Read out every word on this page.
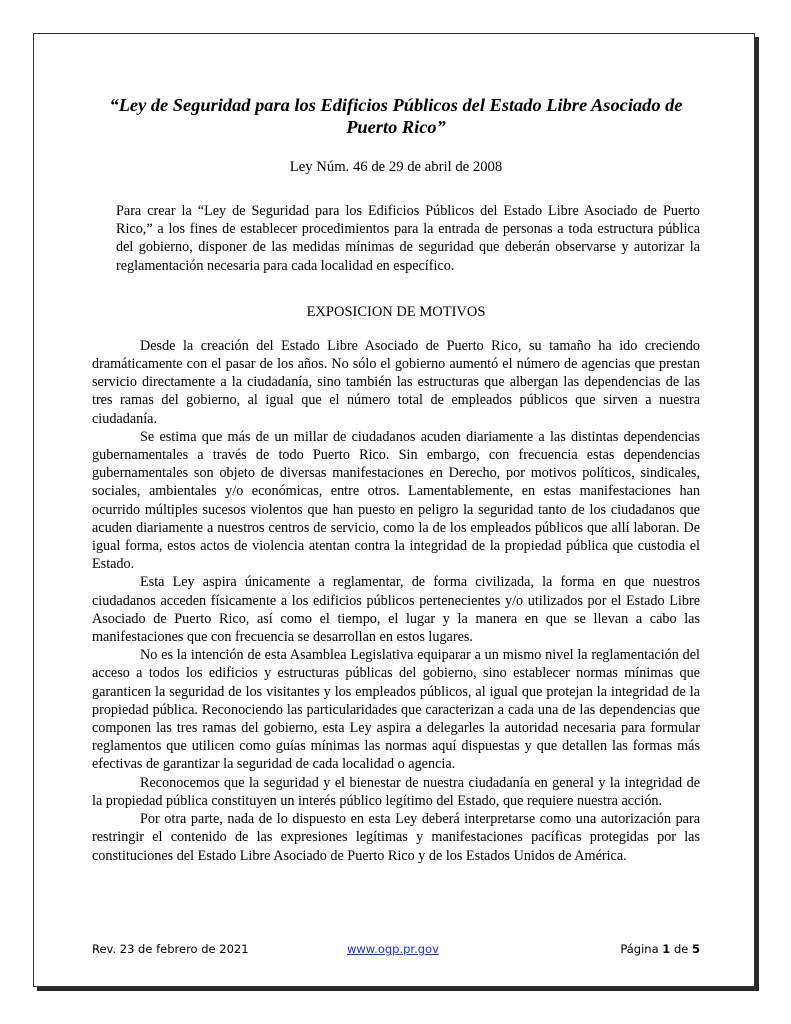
“Ley de Seguridad para los Edificios Públicos del Estado Libre Asociado de Puerto Rico”
Ley Núm. 46 de 29 de abril de 2008
Para crear la “Ley de Seguridad para los Edificios Públicos del Estado Libre Asociado de Puerto Rico,” a los fines de establecer procedimientos para la entrada de personas a toda estructura pública del gobierno, disponer de las medidas mínimas de seguridad que deberán observarse y autorizar la reglamentación necesaria para cada localidad en específico.
EXPOSICION DE MOTIVOS

Desde la creación del Estado Libre Asociado de Puerto Rico, su tamaño ha ido creciendo dramáticamente con el pasar de los años. No sólo el gobierno aumentó el número de agencias que prestan servicio directamente a la ciudadanía, sino también las estructuras que albergan las dependencias de las tres ramas del gobierno, al igual que el número total de empleados públicos que sirven a nuestra ciudadanía.

Se estima que más de un millar de ciudadanos acuden diariamente a las distintas dependencias gubernamentales a través de todo Puerto Rico. Sin embargo, con frecuencia estas dependencias gubernamentales son objeto de diversas manifestaciones en Derecho, por motivos políticos, sindicales, sociales, ambientales y/o económicas, entre otros. Lamentablemente, en estas manifestaciones han ocurrido múltiples sucesos violentos que han puesto en peligro la seguridad tanto de los ciudadanos que acuden diariamente a nuestros centros de servicio, como la de los empleados públicos que allí laboran. De igual forma, estos actos de violencia atentan contra la integridad de la propiedad pública que custodia el Estado.

Esta Ley aspira únicamente a reglamentar, de forma civilizada, la forma en que nuestros ciudadanos acceden físicamente a los edificios públicos pertenecientes y/o utilizados por el Estado Libre Asociado de Puerto Rico, así como el tiempo, el lugar y la manera en que se llevan a cabo las manifestaciones que con frecuencia se desarrollan en estos lugares.

No es la intención de esta Asamblea Legislativa equiparar a un mismo nivel la reglamentación del acceso a todos los edificios y estructuras públicas del gobierno, sino establecer normas mínimas que garanticen la seguridad de los visitantes y los empleados públicos, al igual que protejan la integridad de la propiedad pública. Reconociendo las particularidades que caracterizan a cada una de las dependencias que componen las tres ramas del gobierno, esta Ley aspira a delegarles la autoridad necesaria para formular reglamentos que utilicen como guías mínimas las normas aquí dispuestas y que detallen las formas más efectivas de garantizar la seguridad de cada localidad o agencia.

Reconocemos que la seguridad y el bienestar de nuestra ciudadanía en general y la integridad de la propiedad pública constituyen un interés público legítimo del Estado, que requiere nuestra acción.

Por otra parte, nada de lo dispuesto en esta Ley deberá interpretarse como una autorización para restringir el contenido de las expresiones legítimas y manifestaciones pacíficas protegidas por las constituciones del Estado Libre Asociado de Puerto Rico y de los Estados Unidos de América.

Rev. 23 de febrero de 2021	www.ogp.pr.gov	Página 1 de 5
